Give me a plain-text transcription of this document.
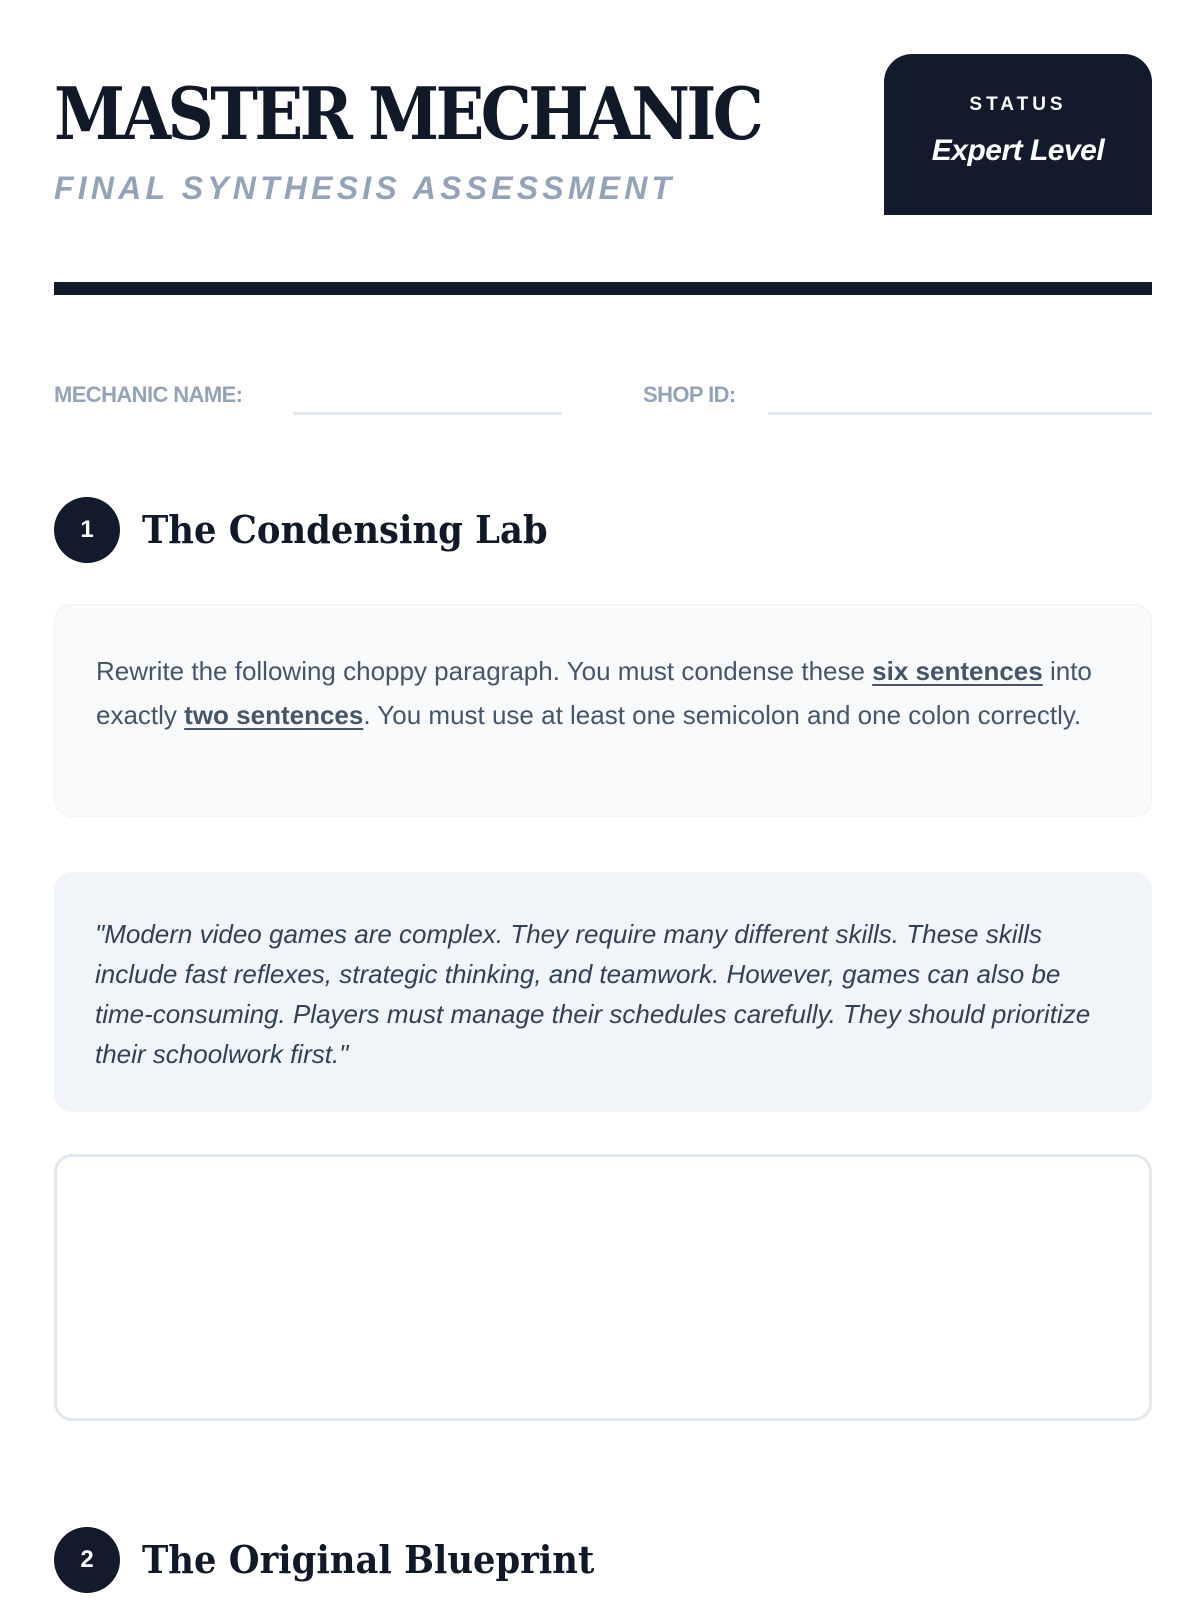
MASTER MECHANIC
FINAL SYNTHESIS ASSESSMENT
STATUS
Expert Level
MECHANIC NAME:	SHOP ID:
1	The Condensing Lab
Rewrite the following choppy paragraph. You must condense these six sentences into exactly two sentences. You must use at least one semicolon and one colon correctly.
"Modern video games are complex. They require many different skills. These skills include fast reflexes, strategic thinking, and teamwork. However, games can also be time-consuming. Players must manage their schedules carefully. They should prioritize their schoolwork first."
2	The Original Blueprint
